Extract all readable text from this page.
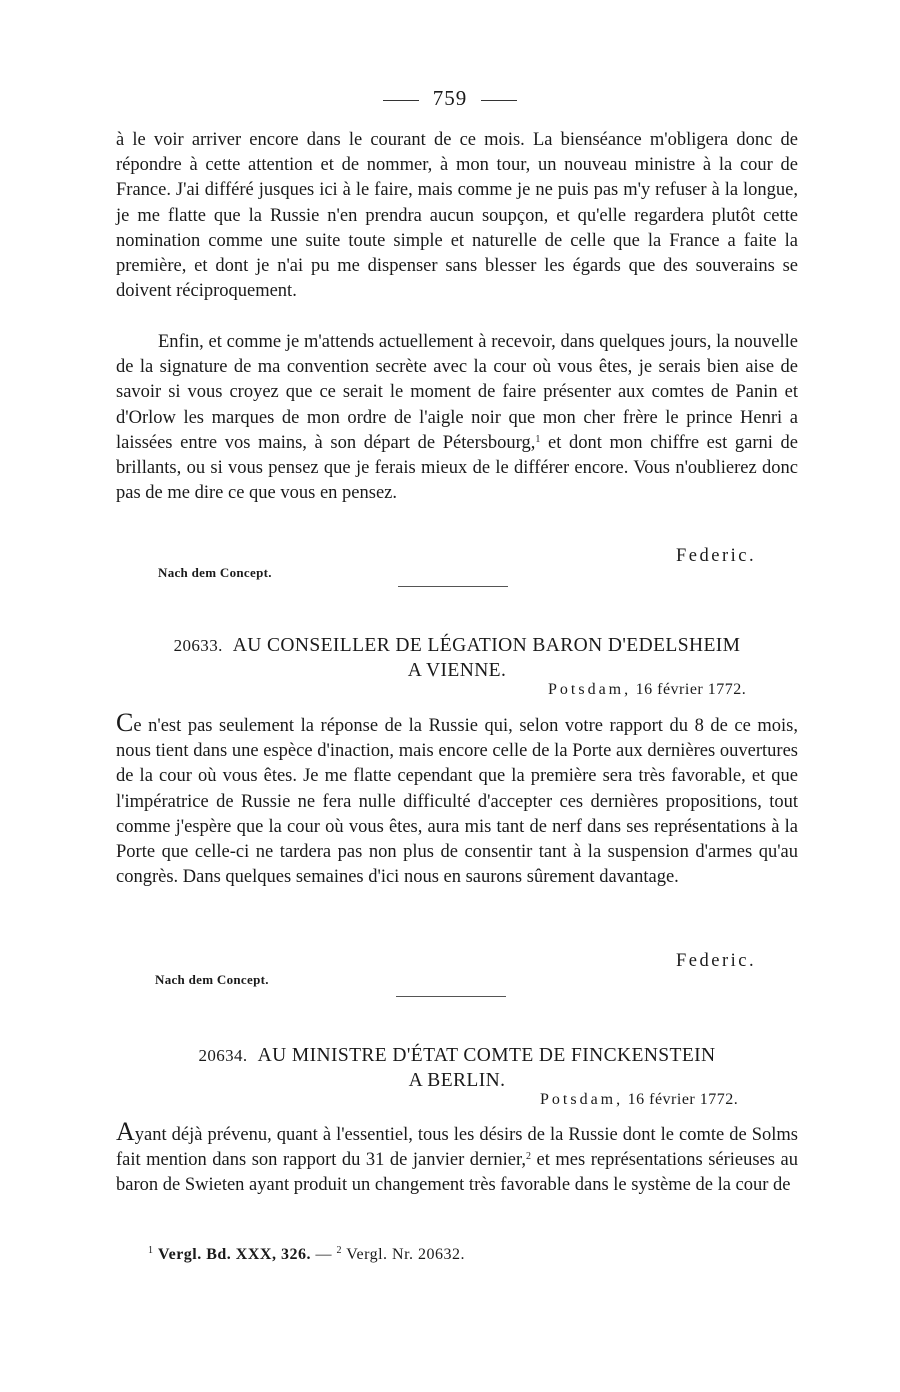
759

à le voir arriver encore dans le courant de ce mois. La bienséance m'obligera donc de répondre à cette attention et de nommer, à mon tour, un nouveau ministre à la cour de France. J'ai différé jusques ici à le faire, mais comme je ne puis pas m'y refuser à la longue, je me flatte que la Russie n'en prendra aucun soupçon, et qu'elle regardera plutôt cette nomination comme une suite toute simple et naturelle de celle que la France a faite la première, et dont je n'ai pu me dispenser sans blesser les égards que des souverains se doivent réciproquement.

Enfin, et comme je m'attends actuellement à recevoir, dans quelques jours, la nouvelle de la signature de ma convention secrète avec la cour où vous êtes, je serais bien aise de savoir si vous croyez que ce serait le moment de faire présenter aux comtes de Panin et d'Orlow les marques de mon ordre de l'aigle noir que mon cher frère le prince Henri a laissées entre vos mains, à son départ de Pétersbourg,$^1$ et dont mon chiffre est garni de brillants, ou si vous pensez que je ferais mieux de le différer encore. Vous n'oublierez donc pas de me dire ce que vous en pensez.

Federic.
Nach dem Concept.
20633. AU CONSEILLER DE LÉGATION BARON D'EDELSHEIM
A VIENNE.
Potsdam, 16 février 1772.

Ce n'est pas seulement la réponse de la Russie qui, selon votre rapport du 8 de ce mois, nous tient dans une espèce d'inaction, mais encore celle de la Porte aux dernières ouvertures de la cour où vous êtes. Je me flatte cependant que la première sera très favorable, et que l'impératrice de Russie ne fera nulle difficulté d'accepter ces dernières propositions, tout comme j'espère que la cour où vous êtes, aura mis tant de nerf dans ses représentations à la Porte que celle-ci ne tardera pas non plus de consentir tant à la suspension d'armes qu'au congrès. Dans quelques semaines d'ici nous en saurons sûrement davantage.

Federic.
Nach dem Concept.
20634. AU MINISTRE D'ÉTAT COMTE DE FINCKENSTEIN
A BERLIN.
Potsdam, 16 février 1772.

Ayant déjà prévenu, quant à l'essentiel, tous les désirs de la Russie dont le comte de Solms fait mention dans son rapport du 31 de janvier dernier,$^2$ et mes représentations sérieuses au baron de Swieten ayant produit un changement très favorable dans le système de la cour de

$^1$ Vergl. Bd. XXX, 326. — $^2$ Vergl. Nr. 20632.
